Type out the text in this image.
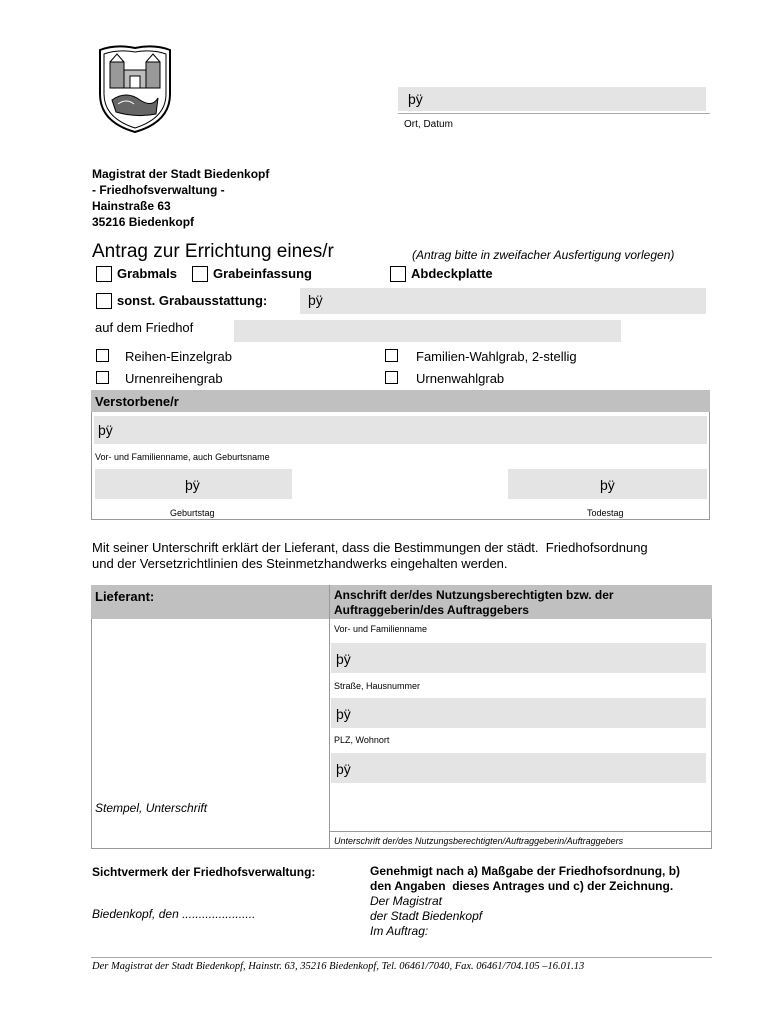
þÿ
Ort, Datum
Magistrat der Stadt Biedenkopf
- Friedhofsverwaltung -
Hainstraße 63
35216 Biedenkopf
Antrag zur Errichtung eines/r	(Antrag bitte in zweifacher Ausfertigung vorlegen)
Grabmals	Grabeinfassung	Abdeckplatte
sonst. Grabausstattung:	þÿ
auf dem Friedhof
Reihen-Einzelgrab	Familien-Wahlgrab, 2-stellig
Urnenreihengrab	Urnenwahlgrab
Verstorbene/r
þÿ
Vor- und Familienname, auch Geburtsname
þÿ
Geburtstag
þÿ
Todestag
Mit seiner Unterschrift erklärt der Lieferant, dass die Bestimmungen der städt.  Friedhofsordnung
und der Versetzrichtlinien des Steinmetzhandwerks eingehalten werden.
Lieferant:	Anschrift der/des Nutzungsberechtigten bzw. der
Auftraggeberin/des Auftraggebers
Vor- und Familienname
þÿ
Straße, Hausnummer
þÿ
PLZ, Wohnort
þÿ
Stempel, Unterschrift
Unterschrift der/des Nutzungsberechtigten/Auftraggeberin/Auftraggebers
Sichtvermerk der Friedhofsverwaltung:
Biedenkopf, den ......................
Genehmigt nach a) Maßgabe der Friedhofsordnung, b)
den Angaben  dieses Antrages und c) der Zeichnung.
Der Magistrat
der Stadt Biedenkopf
Im Auftrag:
Der Magistrat der Stadt Biedenkopf, Hainstr. 63, 35216 Biedenkopf, Tel. 06461/7040, Fax. 06461/704.105 –16.01.13
